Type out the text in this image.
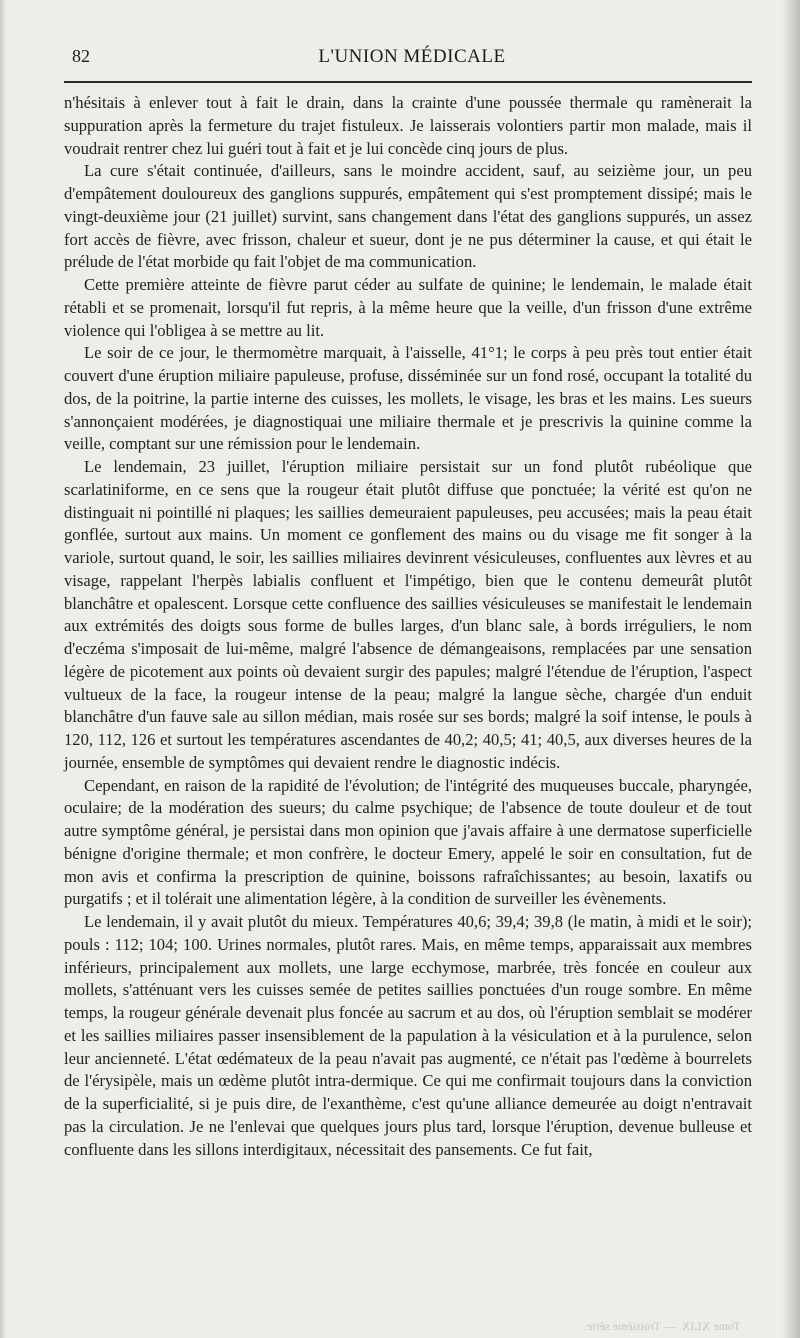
82	L'UNION MÉDICALE

n'hésitais à enlever tout à fait le drain, dans la crainte d'une poussée thermale qu ramènerait la suppuration après la fermeture du trajet fistuleux. Je laisserais volontiers partir mon malade, mais il voudrait rentrer chez lui guéri tout à fait et je lui concède cinq jours de plus.

La cure s'était continuée, d'ailleurs, sans le moindre accident, sauf, au seizième jour, un peu d'empâtement douloureux des ganglions suppurés, empâtement qui s'est promptement dissipé; mais le vingt-deuxième jour (21 juillet) survint, sans changement dans l'état des ganglions suppurés, un assez fort accès de fièvre, avec frisson, chaleur et sueur, dont je ne pus déterminer la cause, et qui était le prélude de l'état morbide qu fait l'objet de ma communication.

Cette première atteinte de fièvre parut céder au sulfate de quinine; le lendemain, le malade était rétabli et se promenait, lorsqu'il fut repris, à la même heure que la veille, d'un frisson d'une extrême violence qui l'obligea à se mettre au lit.

Le soir de ce jour, le thermomètre marquait, à l'aisselle, 41°1; le corps à peu près tout entier était couvert d'une éruption miliaire papuleuse, profuse, disséminée sur un fond rosé, occupant la totalité du dos, de la poitrine, la partie interne des cuisses, les mollets, le visage, les bras et les mains. Les sueurs s'annonçaient modérées, je diagnostiquai une miliaire thermale et je prescrivis la quinine comme la veille, comptant sur une rémission pour le lendemain.

Le lendemain, 23 juillet, l'éruption miliaire persistait sur un fond plutôt rubéolique que scarlatiniforme, en ce sens que la rougeur était plutôt diffuse que ponctuée; la vérité est qu'on ne distinguait ni pointillé ni plaques; les saillies demeuraient papuleuses, peu accusées; mais la peau était gonflée, surtout aux mains. Un moment ce gonflement des mains ou du visage me fit songer à la variole, surtout quand, le soir, les saillies miliaires devinrent vésiculeuses, confluentes aux lèvres et au visage, rappelant l'herpès labialis confluent et l'impétigo, bien que le contenu demeurât plutôt blanchâtre et opalescent. Lorsque cette confluence des saillies vésiculeuses se manifestait le lendemain aux extrémités des doigts sous forme de bulles larges, d'un blanc sale, à bords irréguliers, le nom d'eczéma s'imposait de lui-même, malgré l'absence de démangeaisons, remplacées par une sensation légère de picotement aux points où devaient surgir des papules; malgré l'étendue de l'éruption, l'aspect vultueux de la face, la rougeur intense de la peau; malgré la langue sèche, chargée d'un enduit blanchâtre d'un fauve sale au sillon médian, mais rosée sur ses bords; malgré la soif intense, le pouls à 120, 112, 126 et surtout les températures ascendantes de 40,2; 40,5; 41; 40,5, aux diverses heures de la journée, ensemble de symptômes qui devaient rendre le diagnostic indécis.

Cependant, en raison de la rapidité de l'évolution; de l'intégrité des muqueuses buccale, pharyngée, oculaire; de la modération des sueurs; du calme psychique; de l'absence de toute douleur et de tout autre symptôme général, je persistai dans mon opinion que j'avais affaire à une dermatose superficielle bénigne d'origine thermale; et mon confrère, le docteur Emery, appelé le soir en consultation, fut de mon avis et confirma la prescription de quinine, boissons rafraîchissantes; au besoin, laxatifs ou purgatifs ; et il tolérait une alimentation légère, à la condition de surveiller les évènements.

Le lendemain, il y avait plutôt du mieux. Températures 40,6; 39,4; 39,8 (le matin, à midi et le soir); pouls : 112; 104; 100. Urines normales, plutôt rares. Mais, en même temps, apparaissait aux membres inférieurs, principalement aux mollets, une large ecchymose, marbrée, très foncée en couleur aux mollets, s'atténuant vers les cuisses semée de petites saillies ponctuées d'un rouge sombre. En même temps, la rougeur générale devenait plus foncée au sacrum et au dos, où l'éruption semblait se modérer et les saillies miliaires passer insensiblement de la papulation à la vésiculation et à la purulence, selon leur ancienneté. L'état œdémateux de la peau n'avait pas augmenté, ce n'était pas l'œdème à bourrelets de l'érysipèle, mais un œdème plutôt intra-dermique. Ce qui me confirmait toujours dans la conviction de la superficialité, si je puis dire, de l'exanthème, c'est qu'une alliance demeurée au doigt n'entravait pas la circulation. Je ne l'enlevai que quelques jours plus tard, lorsque l'éruption, devenue bulleuse et confluente dans les sillons interdigitaux, nécessitait des pansements. Ce fut fait,

Tome XLIX. — Troisième série.
